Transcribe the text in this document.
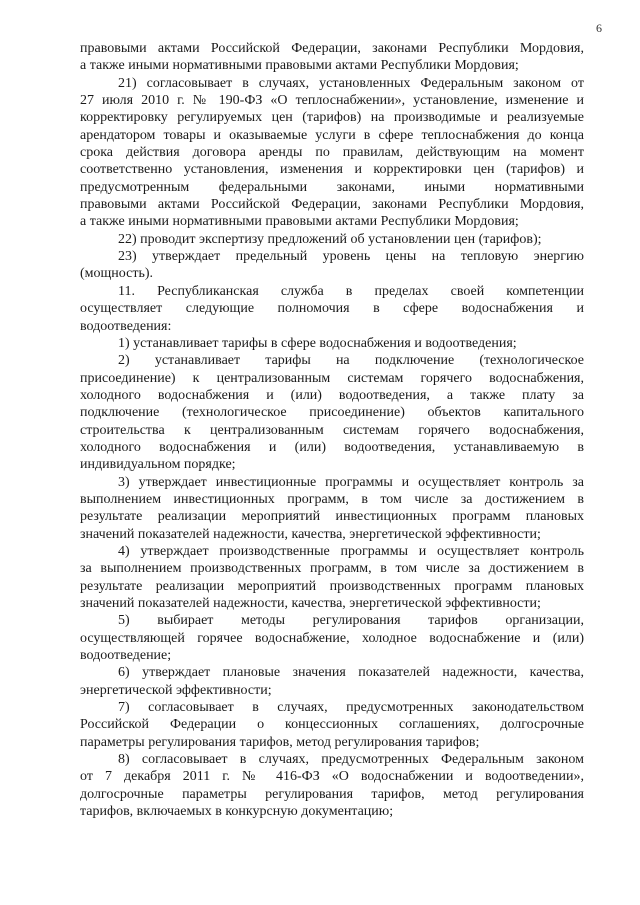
6
правовыми актами Российской Федерации, законами Республики Мордовия,
а также иными нормативными правовыми актами Республики Мордовия;
21) согласовывает в случаях, установленных Федеральным законом от
27 июля 2010 г. № 190-ФЗ «О теплоснабжении», установление, изменение и
корректировку регулируемых цен (тарифов) на производимые и реализуемые
арендатором товары и оказываемые услуги в сфере теплоснабжения до конца
срока действия договора аренды по правилам, действующим на момент
соответственно установления, изменения и корректировки цен (тарифов) и
предусмотренным федеральными законами, иными нормативными
правовыми актами Российской Федерации, законами Республики Мордовия,
а также иными нормативными правовыми актами Республики Мордовия;
22) проводит экспертизу предложений об установлении цен (тарифов);
23) утверждает предельный уровень цены на тепловую энергию
(мощность).
11. Республиканская служба в пределах своей компетенции
осуществляет следующие полномочия в сфере водоснабжения и
водоотведения:
1) устанавливает тарифы в сфере водоснабжения и водоотведения;
2) устанавливает тарифы на подключение (технологическое
присоединение) к централизованным системам горячего водоснабжения,
холодного водоснабжения и (или) водоотведения, а также плату за
подключение (технологическое присоединение) объектов капитального
строительства к централизованным системам горячего водоснабжения,
холодного водоснабжения и (или) водоотведения, устанавливаемую в
индивидуальном порядке;
3) утверждает инвестиционные программы и осуществляет контроль за
выполнением инвестиционных программ, в том числе за достижением в
результате реализации мероприятий инвестиционных программ плановых
значений показателей надежности, качества, энергетической эффективности;
4) утверждает производственные программы и осуществляет контроль
за выполнением производственных программ, в том числе за достижением в
результате реализации мероприятий производственных программ плановых
значений показателей надежности, качества, энергетической эффективности;
5) выбирает методы регулирования тарифов организации,
осуществляющей горячее водоснабжение, холодное водоснабжение и (или)
водоотведение;
6) утверждает плановые значения показателей надежности, качества,
энергетической эффективности;
7) согласовывает в случаях, предусмотренных законодательством
Российской Федерации о концессионных соглашениях, долгосрочные
параметры регулирования тарифов, метод регулирования тарифов;
8) согласовывает в случаях, предусмотренных Федеральным законом
от 7 декабря 2011 г. № 416-ФЗ «О водоснабжении и водоотведении»,
долгосрочные параметры регулирования тарифов, метод регулирования
тарифов, включаемых в конкурсную документацию;
